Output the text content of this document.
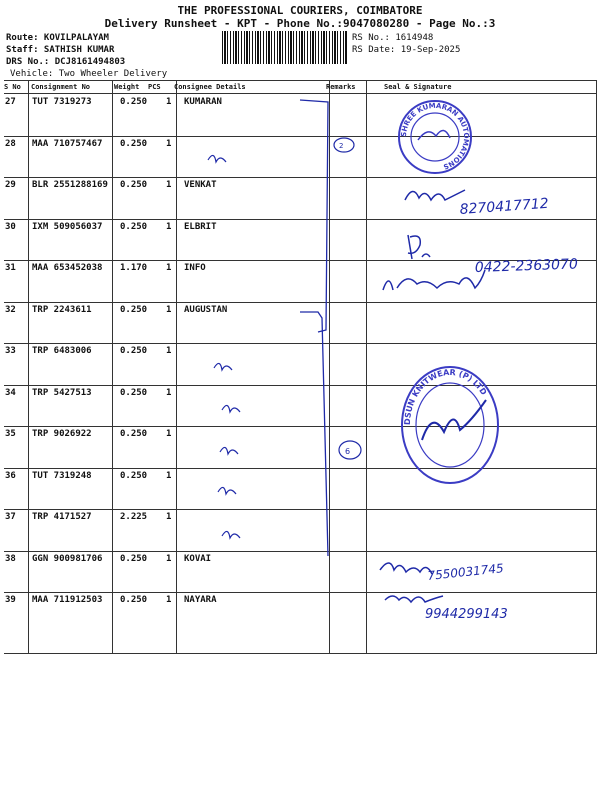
THE PROFESSIONAL COURIERS, COIMBATORE
Delivery Runsheet - KPT - Phone No.:9047080280 - Page No.:3
Route: KOVILPALAYAM
Staff: SATHISH KUMAR
DRS No.: DCJ8161494803
Vehicle: Two Wheeler Delivery
RS No.: 1614948
RS Date: 19-Sep-2025
S No Consignment No	Weight PCS Consignee Details	Remarks	Seal & Signature
27 TUT 7319273	0.250 1 KUMARAN
28 MAA 710757467 0.250 1
29 BLR 2551288169 0.250 1 VENKAT
30 IXM 509056037 0.250 1 ELBRIT
31 MAA 653452038 1.170 1 INFO
32 TRP 2243611	0.250 1 AUGUSTAN
33 TRP 6483006	0.250 1
34 TRP 5427513	0.250 1
35 TRP 9026922	0.250 1
36 TUT 7319248	0.250 1
37 TRP 4171527	2.225 1
38 GGN 900981706 0.250 1 KOVAI
39 MAA 711912503 0.250 1 NAYARA
2
6
SHREE KUMARAN AUTOMATIONS
DSUN KNITWEAR (P) LTD
8270417712
0422-2363070
7550031745
9944299143
